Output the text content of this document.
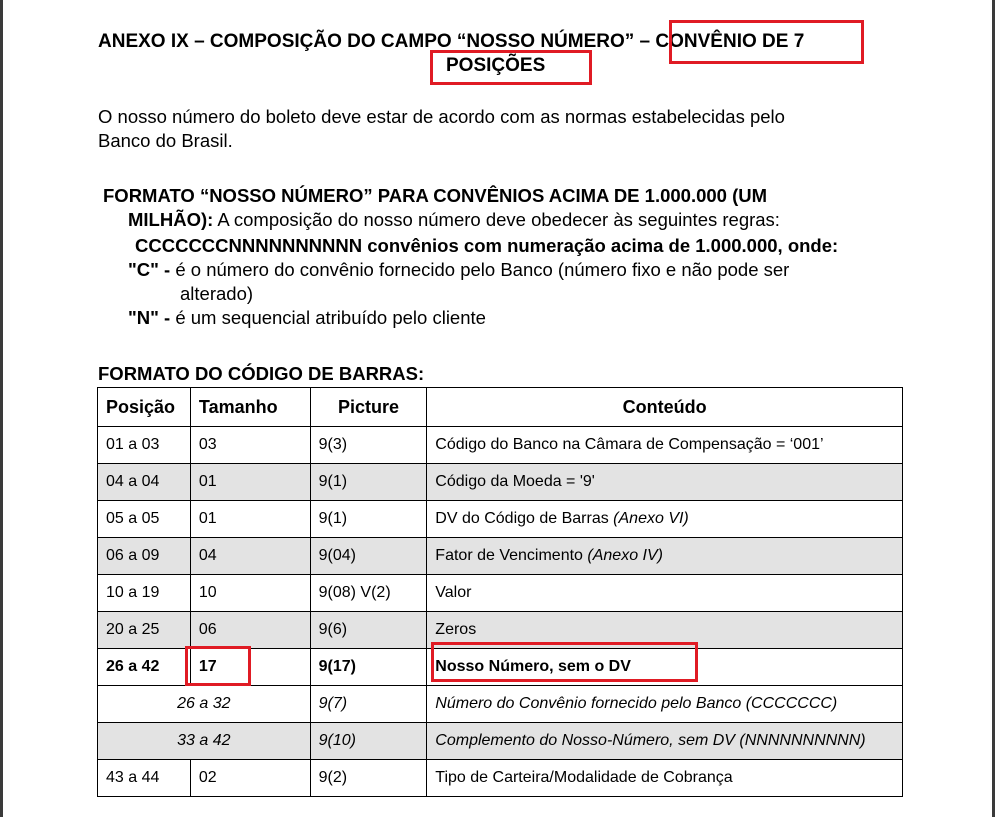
ANEXO IX – COMPOSIÇÃO DO CAMPO “NOSSO NÚMERO” – CONVÊNIO DE 7
POSIÇÕES
O nosso número do boleto deve estar de acordo com as normas estabelecidas pelo
Banco do Brasil.
FORMATO “NOSSO NÚMERO” PARA CONVÊNIOS ACIMA DE 1.000.000 (UM
MILHÃO): A composição do nosso número deve obedecer às seguintes regras:
CCCCCCCNNNNNNNNNN convênios com numeração acima de 1.000.000, onde:
"C" - é o número do convênio fornecido pelo Banco (número fixo e não pode ser
alterado)
"N" - é um sequencial atribuído pelo cliente
FORMATO DO CÓDIGO DE BARRAS:
Posição	Tamanho	Picture	Conteúdo
01 a 03	03	9(3)	Código do Banco na Câmara de Compensação = ‘001’
04 a 04	01	9(1)	Código da Moeda = '9'
05 a 05	01	9(1)	DV do Código de Barras (Anexo VI)
06 a 09	04	9(04)	Fator de Vencimento (Anexo IV)
10 a 19	10	9(08) V(2)	Valor
20 a 25	06	9(6)	Zeros
26 a 42	17	9(17)	Nosso Número, sem o DV
26 a 32		9(7)	Número do Convênio fornecido pelo Banco (CCCCCCC)
33 a 42		9(10)	Complemento do Nosso-Número, sem DV (NNNNNNNNNN)
43 a 44	02	9(2)	Tipo de Carteira/Modalidade de Cobrança
